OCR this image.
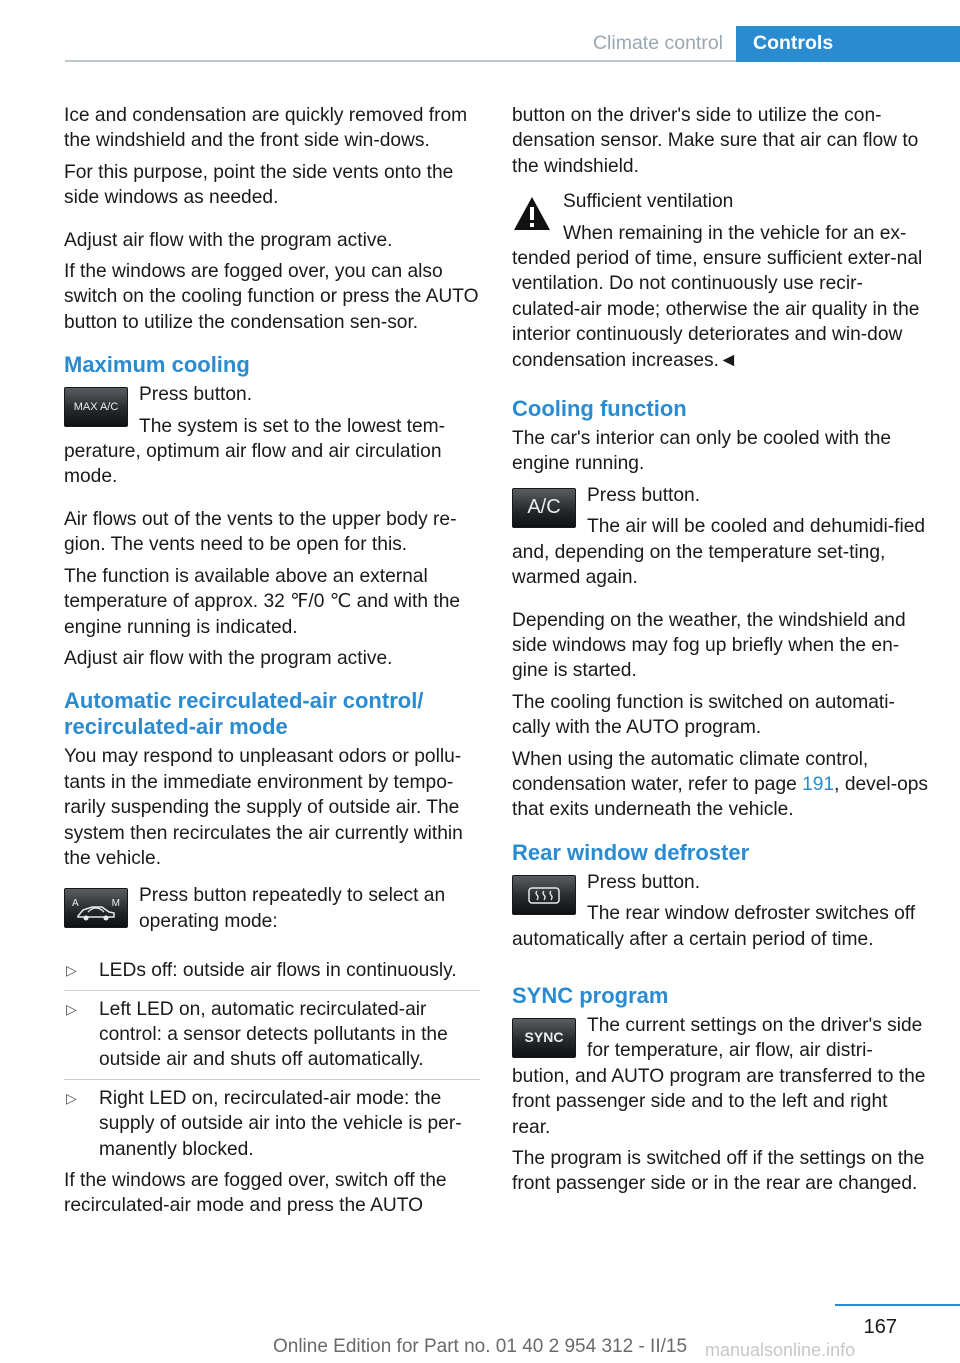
Climate control	Controls

Ice and condensation are quickly removed from the windshield and the front side win‐dows.

For this purpose, point the side vents onto the side windows as needed.

Adjust air flow with the program active.

If the windows are fogged over, you can also switch on the cooling function or press the AUTO button to utilize the condensation sen‐sor.

Maximum cooling
MAX A/C

Press button.

The system is set to the lowest tem‐perature, optimum air flow and air circulation mode.

Air flows out of the vents to the upper body re‐gion. The vents need to be open for this.

The function is available above an external temperature of approx. 32 ℉/0 ℃ and with the engine running is indicated.

Adjust air flow with the program active.

Automatic recirculated-air control/ recirculated-air mode

You may respond to unpleasant odors or pollu‐tants in the immediate environment by tempo‐rarily suspending the supply of outside air. The system then recirculates the air currently within the vehicle.

A	M Press button repeatedly to select an operating mode:

▷ LEDs off: outside air flows in continuously.
▷ Left LED on, automatic recirculated-air control: a sensor detects pollutants in the outside air and shuts off automatically.
▷ Right LED on, recirculated-air mode: the supply of outside air into the vehicle is per‐manently blocked.

If the windows are fogged over, switch off the recirculated-air mode and press the AUTO

button on the driver's side to utilize the con‐densation sensor. Make sure that air can flow to the windshield.

Sufficient ventilation

When remaining in the vehicle for an ex‐tended period of time, ensure sufficient exter‐nal ventilation. Do not continuously use recir‐culated-air mode; otherwise the air quality in the interior continuously deteriorates and win‐dow condensation increases.◄

Cooling function

The car's interior can only be cooled with the engine running.

A/C

Press button.

The air will be cooled and dehumidi‐fied and, depending on the temperature set‐ting, warmed again.

Depending on the weather, the windshield and side windows may fog up briefly when the en‐gine is started.

The cooling function is switched on automati‐cally with the AUTO program.

When using the automatic climate control, condensation water, refer to page 191, devel‐ops that exits underneath the vehicle.

Rear window defroster

Press button.

The rear window defroster switches off automatically after a certain period of time.

SYNC program
SYNC

The current settings on the driver's side for temperature, air flow, air distri‐bution, and AUTO program are transferred to the front passenger side and to the left and right rear.

The program is switched off if the settings on the front passenger side or in the rear are changed.

167
Online Edition for Part no. 01 40 2 954 312 - II/15 manualsonline.info
